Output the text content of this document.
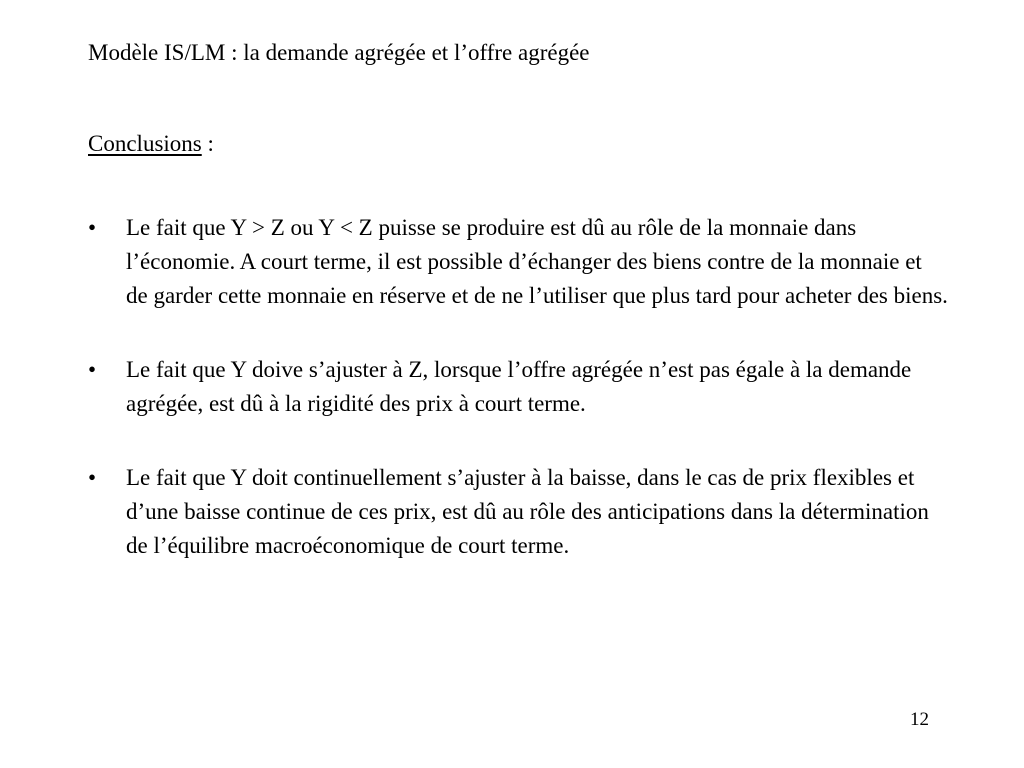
Modèle IS/LM : la demande agrégée et l’offre agrégée
Conclusions :
•	Le fait que Y > Z ou Y < Z puisse se produire est dû au rôle de la monnaie dans l’économie. A court terme, il est possible d’échanger des biens contre de la monnaie et de garder cette monnaie en réserve et de ne l’utiliser que plus tard pour acheter des biens.
•	Le fait que Y doive s’ajuster à Z, lorsque l’offre agrégée n’est pas égale à la demande agrégée, est dû à la rigidité des prix à court terme.
•	Le fait que Y doit continuellement s’ajuster à la baisse, dans le cas de prix flexibles et d’une baisse continue de ces prix, est dû au rôle des anticipations dans la détermination de l’équilibre macroéconomique de court terme.
12
